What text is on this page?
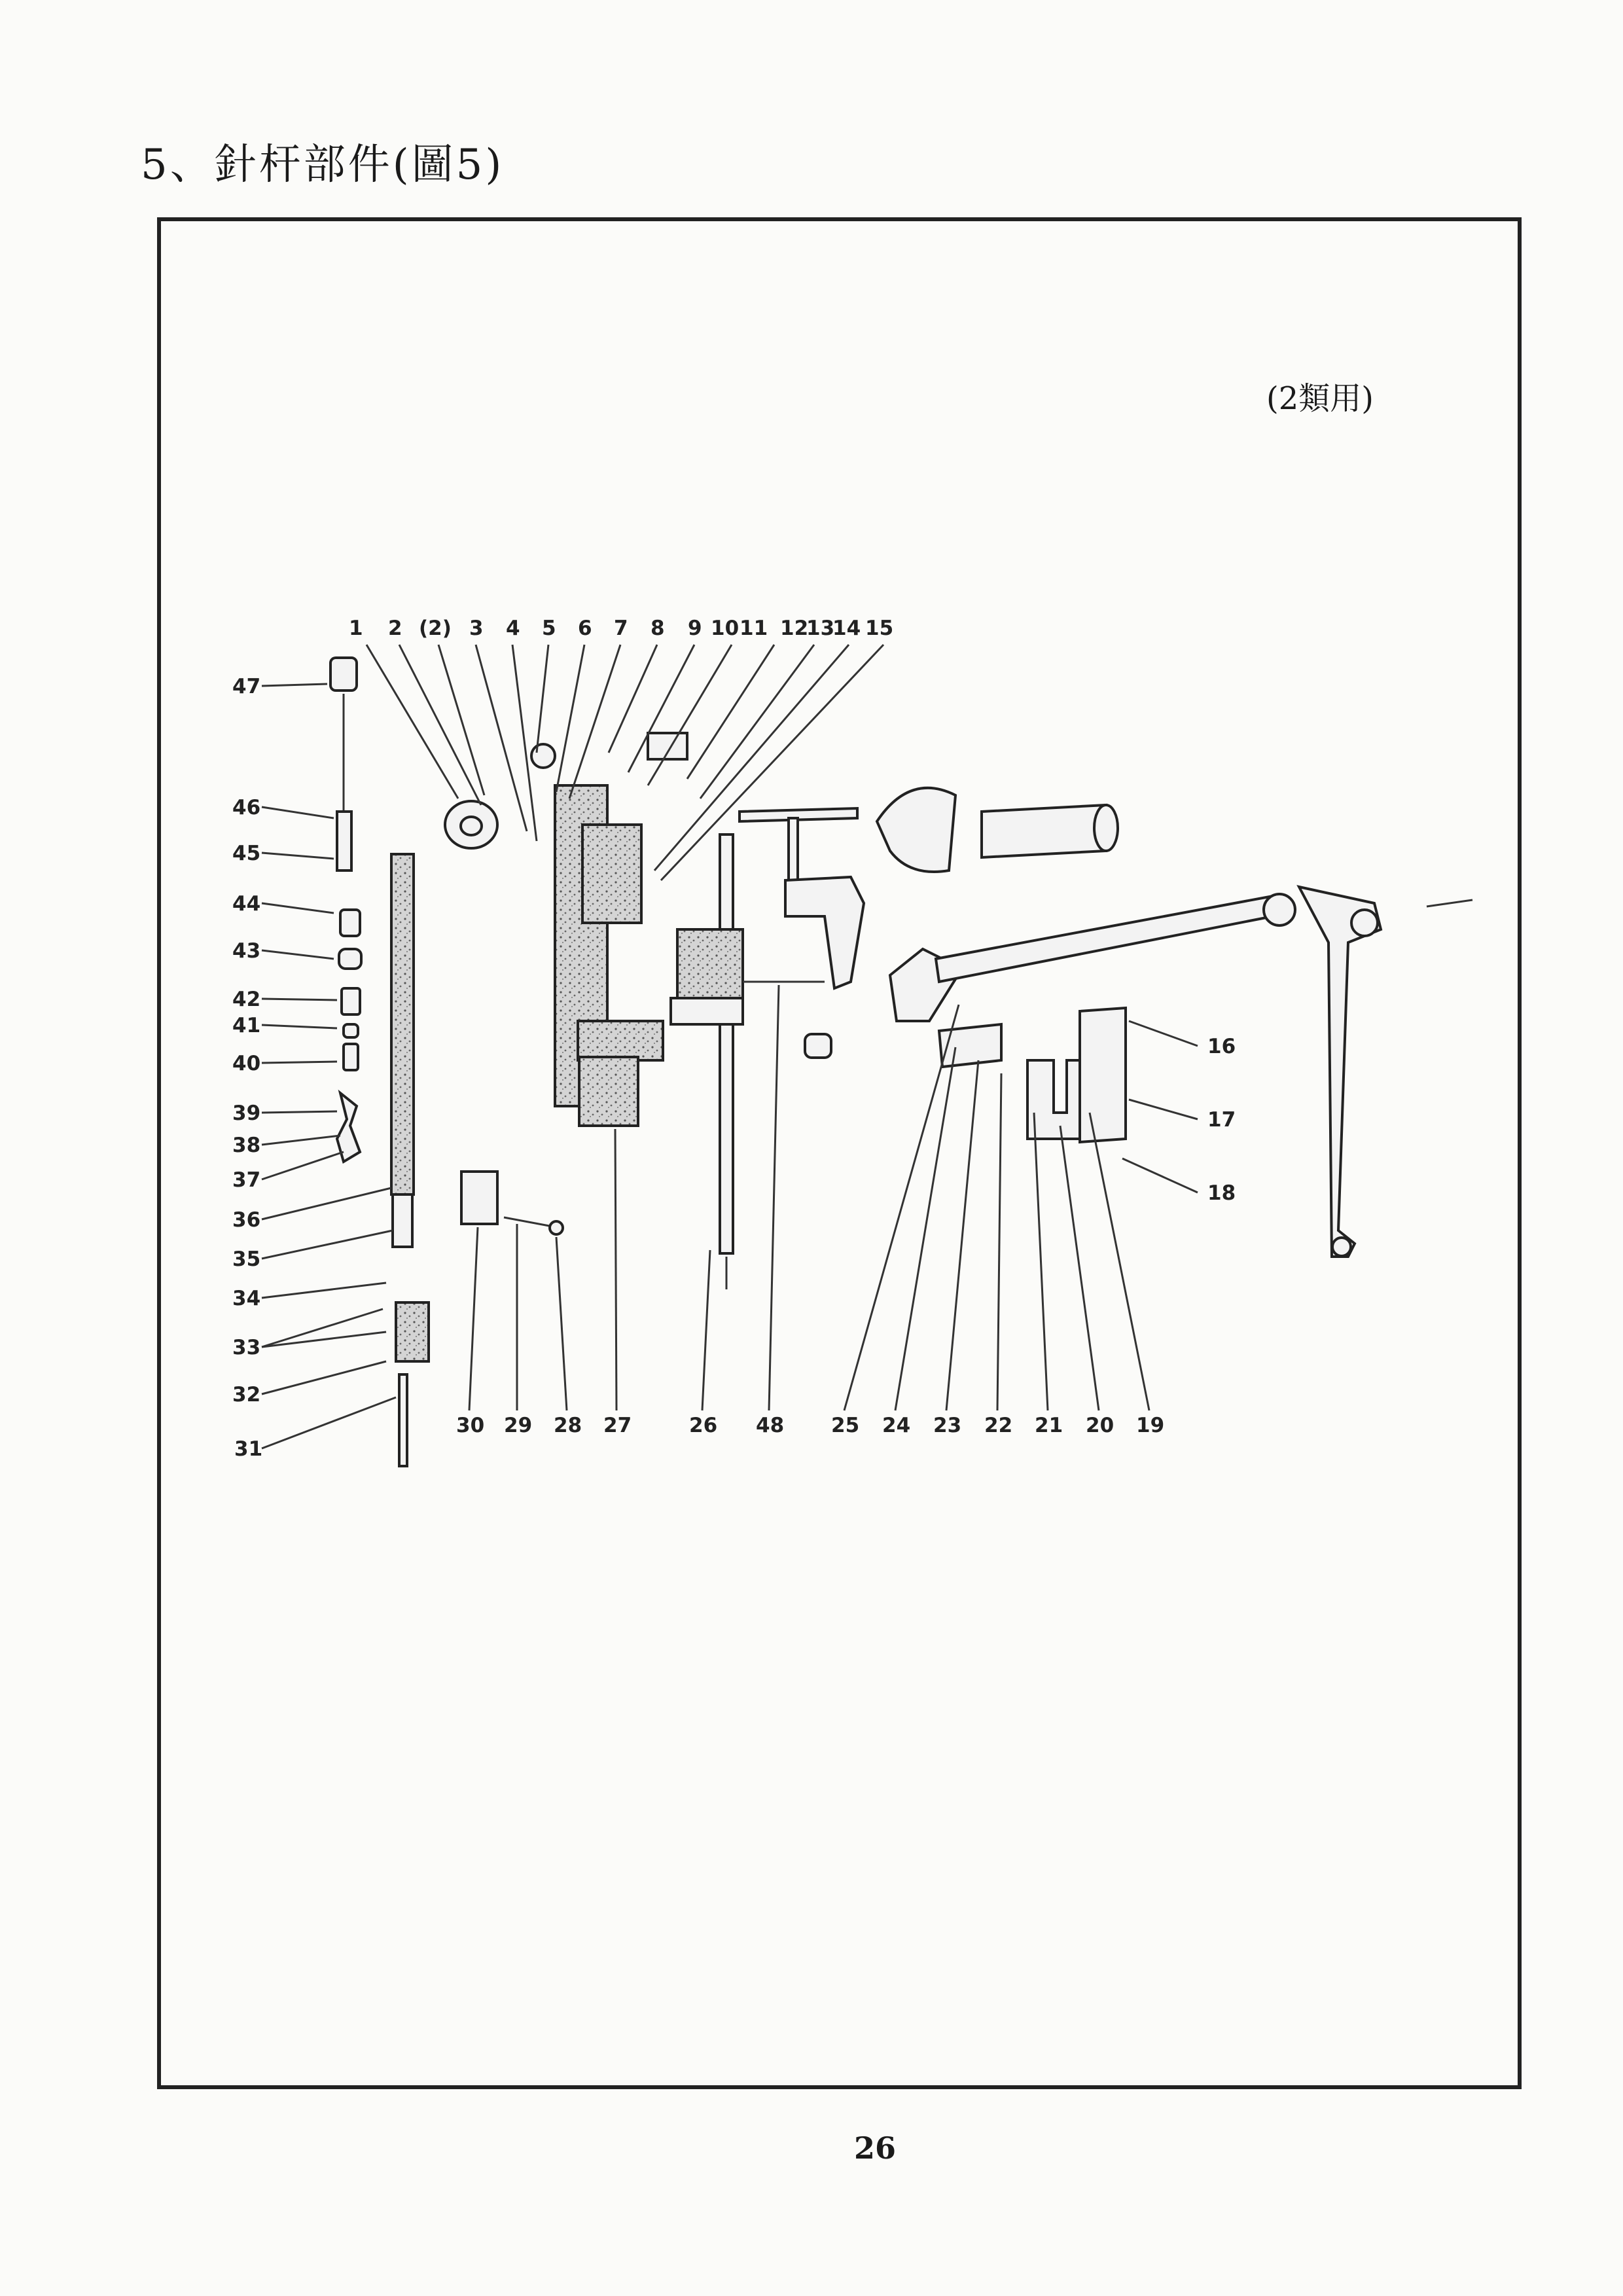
5、針杆部件(圖5)
(2類用)
1 2 (2) 3 4 5 6 7 8 9 10 11 12
13
14 15
47
46
45
44
43
42
41
40
39
38
37
36
35
34
33
32
31
30 29 28 27	26 48 25 24 23 22 21 20 19
16
17
18
26
